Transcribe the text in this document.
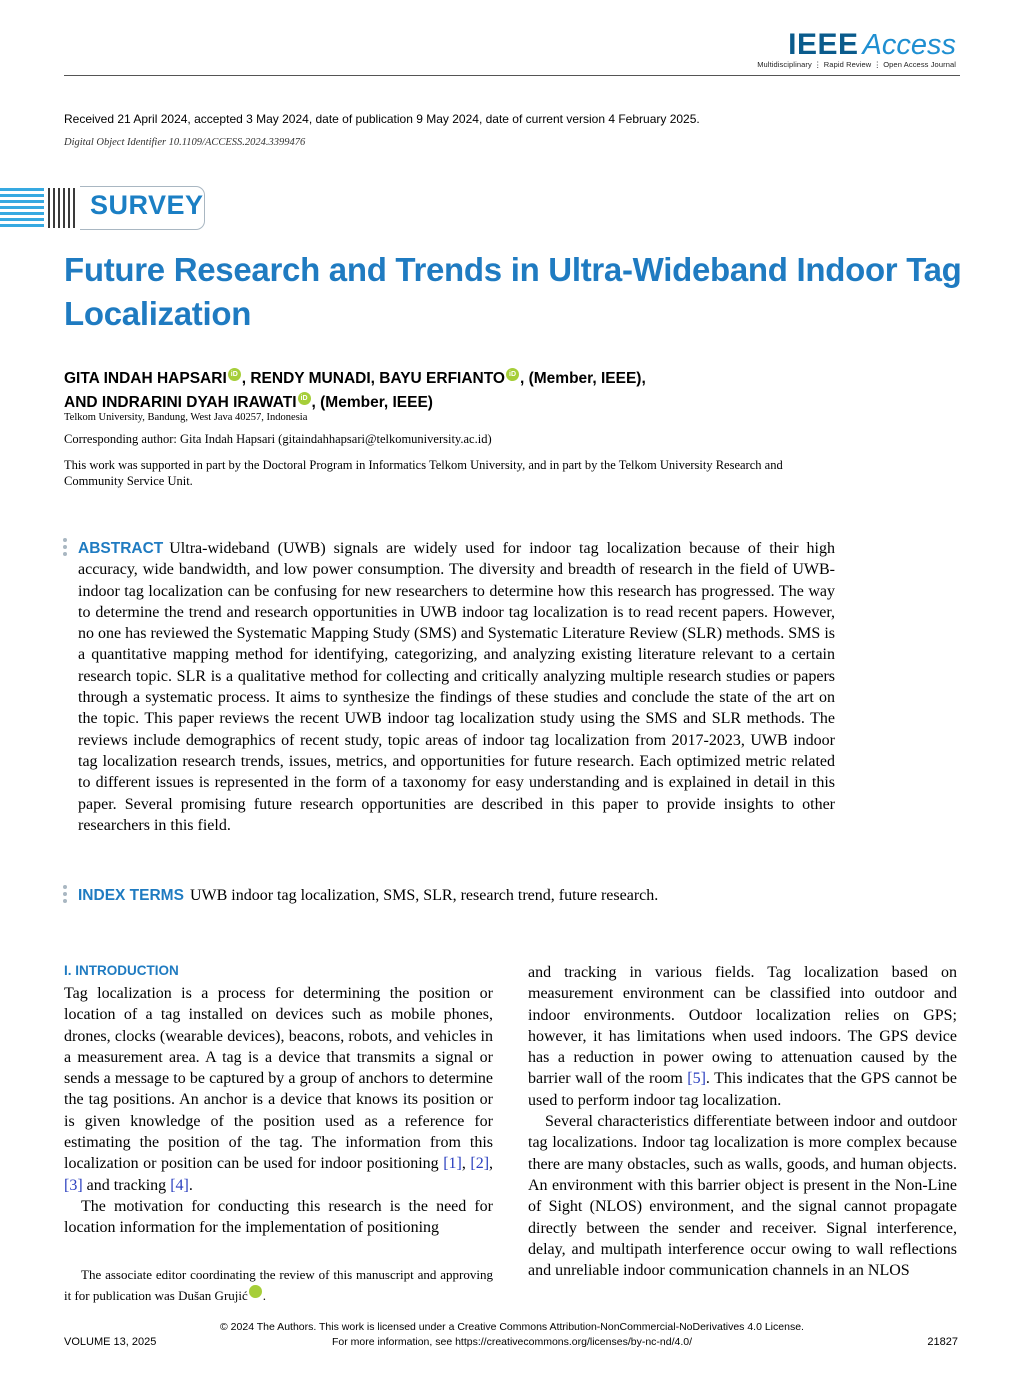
IEEE Access
Multidisciplinary ⋮ Rapid Review ⋮ Open Access Journal
Received 21 April 2024, accepted 3 May 2024, date of publication 9 May 2024, date of current version 4 February 2025.
Digital Object Identifier 10.1109/ACCESS.2024.3399476
SURVEY
Future Research and Trends in Ultra-Wideband Indoor Tag Localization
GITA INDAH HAPSARI iD , RENDY MUNADI, BAYU ERFIANTO iD , (Member, IEEE),
AND INDRARINI DYAH IRAWATI iD , (Member, IEEE)
Telkom University, Bandung, West Java 40257, Indonesia
Corresponding author: Gita Indah Hapsari (gitaindahhapsari@telkomuniversity.ac.id)
This work was supported in part by the Doctoral Program in Informatics Telkom University, and in part by the Telkom University Research and Community Service Unit.
ABSTRACT Ultra-wideband (UWB) signals are widely used for indoor tag localization because of their high accuracy, wide bandwidth, and low power consumption. The diversity and breadth of research in the field of UWB-indoor tag localization can be confusing for new researchers to determine how this research has progressed. The way to determine the trend and research opportunities in UWB indoor tag localization is to read recent papers. However, no one has reviewed the Systematic Mapping Study (SMS) and Systematic Literature Review (SLR) methods. SMS is a quantitative mapping method for identifying, categorizing, and analyzing existing literature relevant to a certain research topic. SLR is a qualitative method for collecting and critically analyzing multiple research studies or papers through a systematic process. It aims to synthesize the findings of these studies and conclude the state of the art on the topic. This paper reviews the recent UWB indoor tag localization study using the SMS and SLR methods. The reviews include demographics of recent study, topic areas of indoor tag localization from 2017-2023, UWB indoor tag localization research trends, issues, metrics, and opportunities for future research. Each optimized metric related to different issues is represented in the form of a taxonomy for easy understanding and is explained in detail in this paper. Several promising future research opportunities are described in this paper to provide insights to other researchers in this field.
INDEX TERMS UWB indoor tag localization, SMS, SLR, research trend, future research.
I. INTRODUCTION

Tag localization is a process for determining the position or location of a tag installed on devices such as mobile phones, drones, clocks (wearable devices), beacons, robots, and vehicles in a measurement area. A tag is a device that transmits a signal or sends a message to be captured by a group of anchors to determine the tag positions. An anchor is a device that knows its position or is given knowledge of the position used as a reference for estimating the position of the tag. The information from this localization or position can be used for indoor positioning [1], [2], [3] and tracking [4].

The motivation for conducting this research is the need for location information for the implementation of positioning

and tracking in various fields. Tag localization based on measurement environment can be classified into outdoor and indoor environments. Outdoor localization relies on GPS; however, it has limitations when used indoors. The GPS device has a reduction in power owing to attenuation caused by the barrier wall of the room [5]. This indicates that the GPS cannot be used to perform indoor tag localization.

Several characteristics differentiate between indoor and outdoor tag localizations. Indoor tag localization is more complex because there are many obstacles, such as walls, goods, and human objects. An environment with this barrier object is present in the Non-Line of Sight (NLOS) environment, and the signal cannot propagate directly between the sender and receiver. Signal interference, delay, and multipath interference occur owing to wall reflections and unreliable indoor communication channels in an NLOS

The associate editor coordinating the review of this manuscript and approving it for publication was Dušan Grujić	iD.
© 2024 The Authors. This work is licensed under a Creative Commons Attribution-NonCommercial-NoDerivatives 4.0 License.
For more information, see https://creativecommons.org/licenses/by-nc-nd/4.0/
VOLUME 13, 2025	21827
